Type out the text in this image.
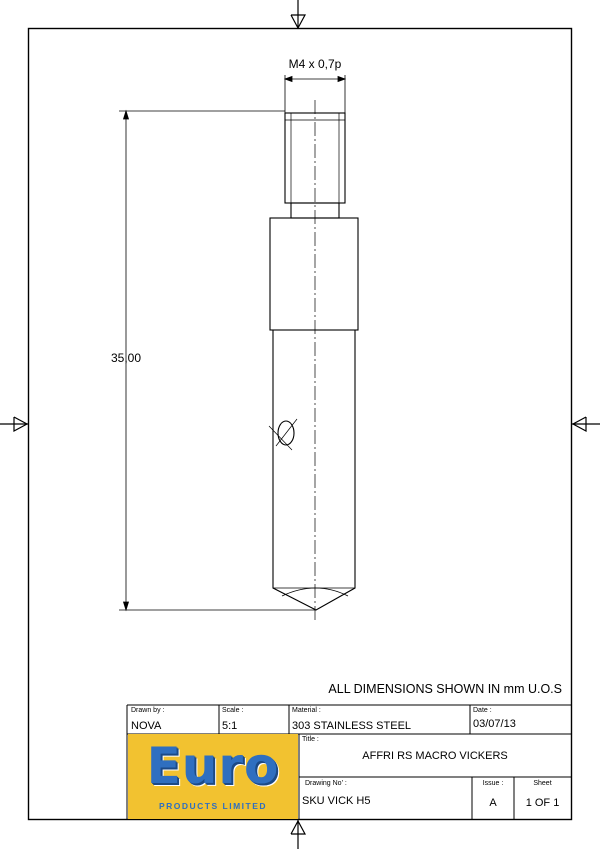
M4 x 0,7p
35,00
ALL DIMENSIONS SHOWN IN mm U.O.S
Drawn by :
NOVA
Scale :
5:1
Material :
303 STAINLESS STEEL
Date :
03/07/13
Title :
AFFRI RS MACRO VICKERS
Drawing No' :
SKU VICK H5
Issue :
A
Sheet
1 OF 1
Euro
PRODUCTS LIMITED
